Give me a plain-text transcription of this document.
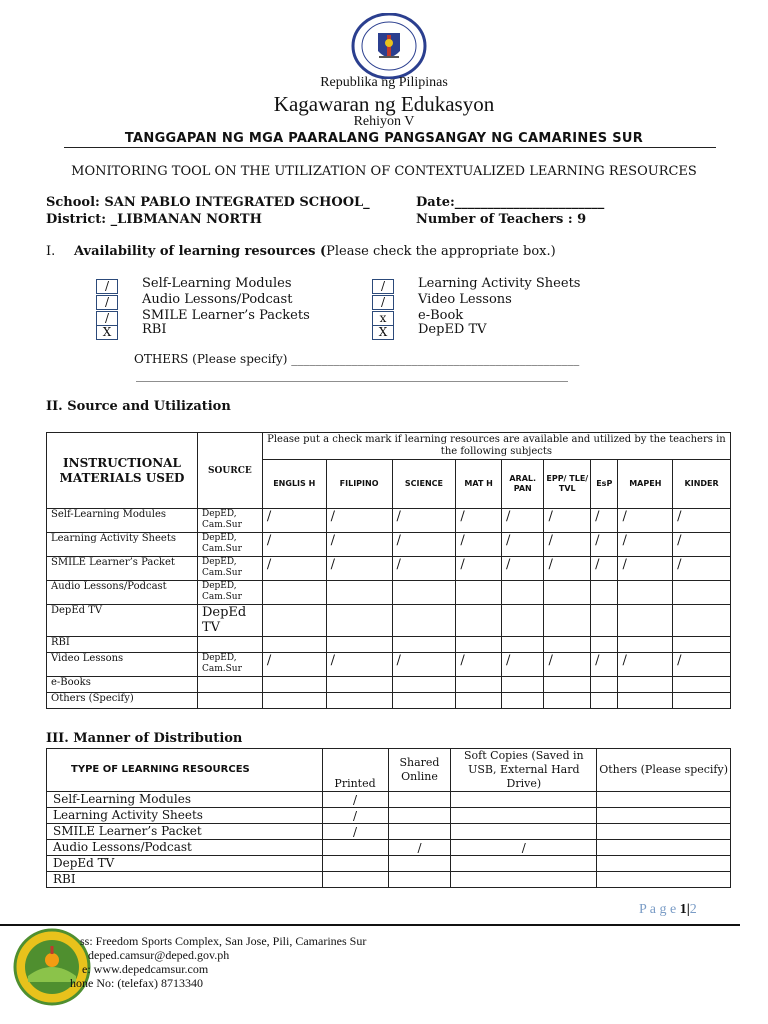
Republika ng Pilipinas
Kagawaran ng Edukasyon
Rehiyon V
TANGGAPAN NG MGA PAARALANG PANGSANGAY NG CAMARINES SUR
MONITORING TOOL ON THE UTILIZATION OF CONTEXTUALIZED LEARNING RESOURCES
School: SAN PABLO INTEGRATED SCHOOL_
District: _LIBMANAN NORTH
Date:_______________________
Number of Teachers : 9
I. Availability of learning resources (Please check the appropriate box.)
/	Self-Learning Modules
/	Audio Lessons/Podcast
/	SMILE Learner’s Packets
X	RBI
/	Learning Activity Sheets
/	Video Lessons
x	e-Book
X	DepED TV
OTHERS (Please specify) ________________________________________________
________________________________________________________________________
II. Source and Utilization
INSTRUCTIONAL MATERIALS USED	SOURCE	Please put a check mark if learning resources are available and utilized by the teachers in the following subjects								
		ENGLIS H	FILIPINO	SCIENCE	MAT H	ARAL. PAN	EPP/ TLE/ TVL	EsP	MAPEH	KINDER
Self-Learning Modules	DepED, Cam.Sur	/	/	/	/	/	/	/	/	/
Learning Activity Sheets	DepED, Cam.Sur	/	/	/	/	/	/	/	/	/
SMILE Learner’s Packet	DepED, Cam.Sur	/	/	/	/	/	/	/	/	/
Audio Lessons/Podcast	DepED, Cam.Sur									
DepEd TV	DepEd TV									
RBI										
Video Lessons	DepED, Cam.Sur	/	/	/	/	/	/	/	/	/
e-Books										
Others (Specify)										
III. Manner of Distribution
TYPE OF LEARNING RESOURCES	Printed	Shared Online	Soft Copies (Saved in USB, External Hard Drive)	Others (Please specify)
Self-Learning Modules	/			
Learning Activity Sheets	/			
SMILE Learner’s Packet	/			
Audio Lessons/Podcast		/	/	
DepEd TV				
RBI				
P a g e 1|2
ss: Freedom Sports Complex, San Jose, Pili, Camarines Sur
deped.camsur@deped.gov.ph
e: www.depedcamsur.com
hone No: (telefax) 8713340
